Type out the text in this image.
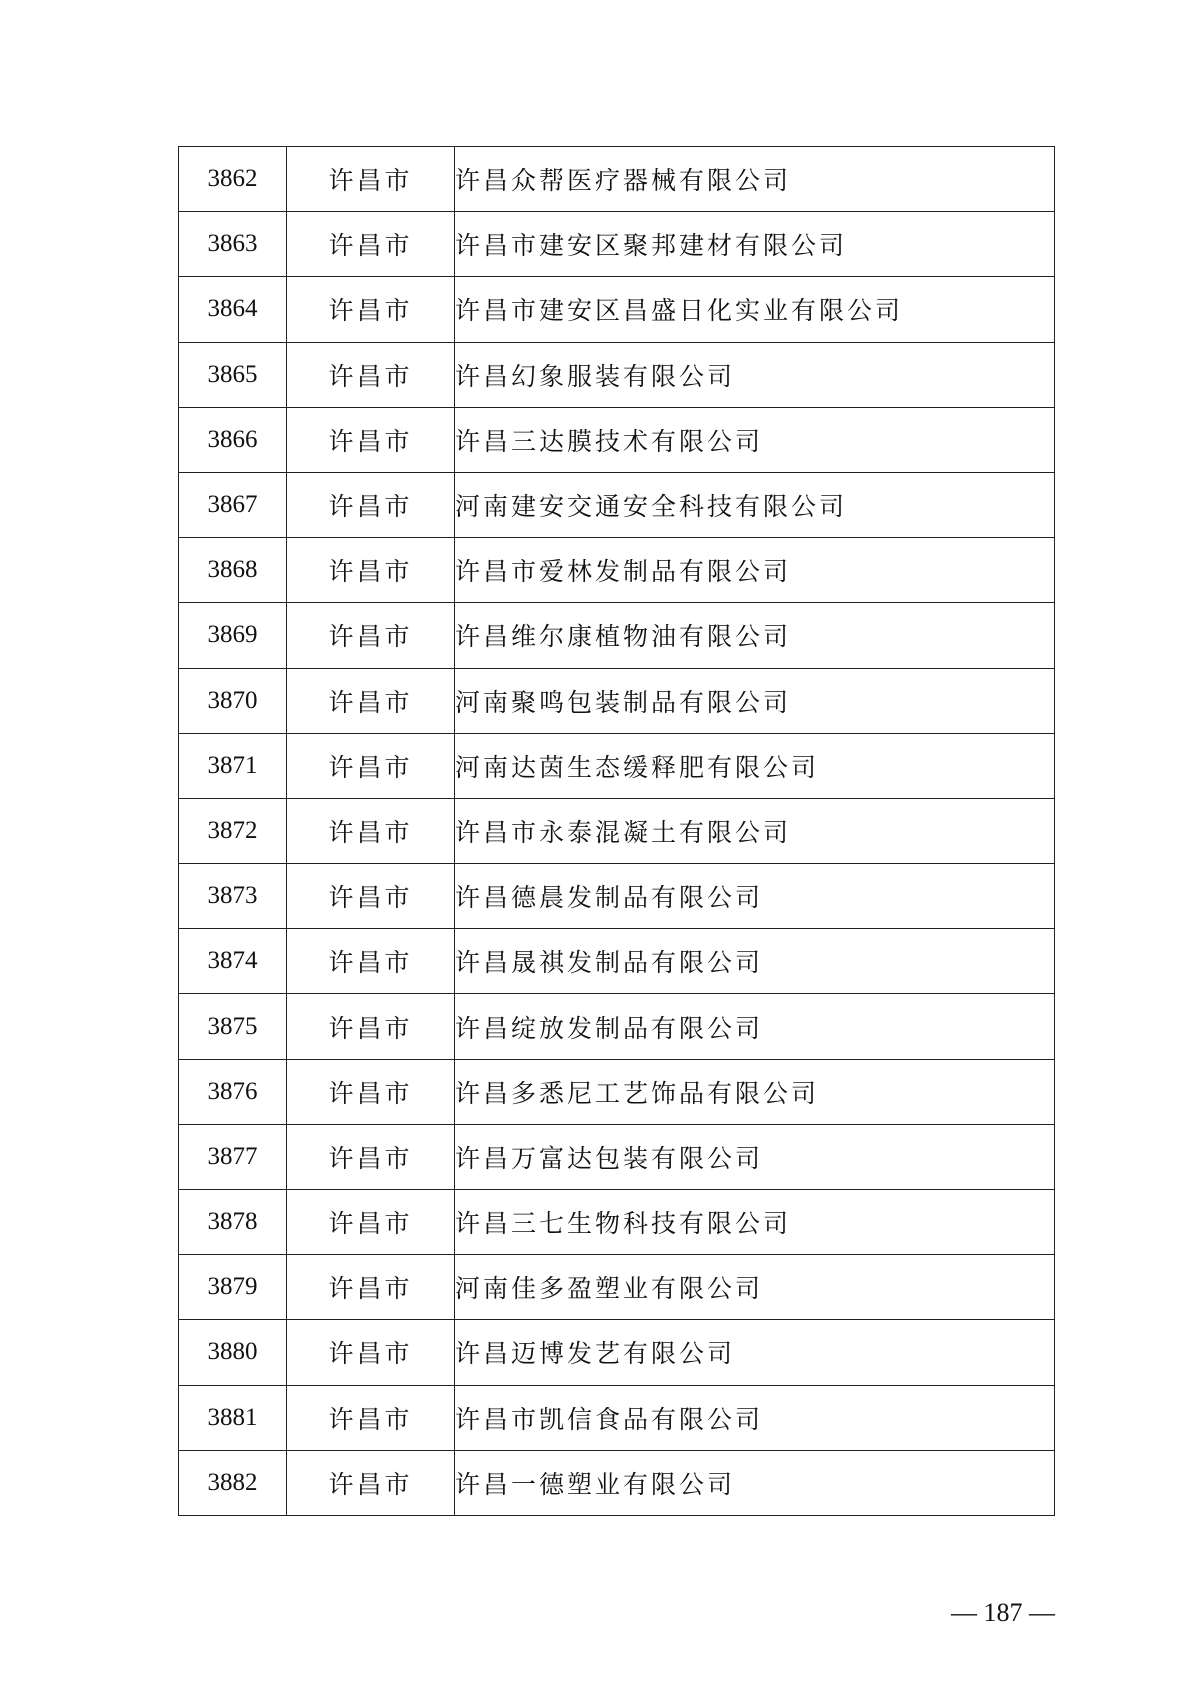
3862	许昌市	许昌众帮医疗器械有限公司
3863	许昌市	许昌市建安区聚邦建材有限公司
3864	许昌市	许昌市建安区昌盛日化实业有限公司
3865	许昌市	许昌幻象服装有限公司
3866	许昌市	许昌三达膜技术有限公司
3867	许昌市	河南建安交通安全科技有限公司
3868	许昌市	许昌市爱林发制品有限公司
3869	许昌市	许昌维尔康植物油有限公司
3870	许昌市	河南聚鸣包装制品有限公司
3871	许昌市	河南达茵生态缓释肥有限公司
3872	许昌市	许昌市永泰混凝土有限公司
3873	许昌市	许昌德晨发制品有限公司
3874	许昌市	许昌晟祺发制品有限公司
3875	许昌市	许昌绽放发制品有限公司
3876	许昌市	许昌多悉尼工艺饰品有限公司
3877	许昌市	许昌万富达包装有限公司
3878	许昌市	许昌三七生物科技有限公司
3879	许昌市	河南佳多盈塑业有限公司
3880	许昌市	许昌迈博发艺有限公司
3881	许昌市	许昌市凯信食品有限公司
3882	许昌市	许昌一德塑业有限公司
— 187 —
